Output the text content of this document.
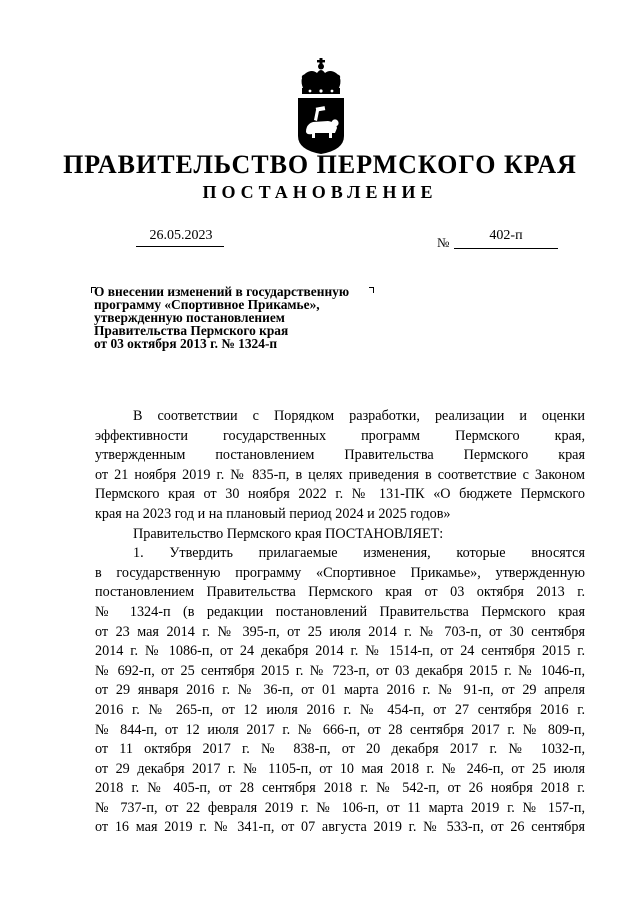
ПРАВИТЕЛЬСТВО ПЕРМСКОГО КРАЯ
ПОСТАНОВЛЕНИЕ
26.05.2023	№	402-п
О внесении изменений в государственную
программу «Спортивное Прикамье»,
утвержденную постановлением
Правительства Пермского края
от 03 октября 2013 г. № 1324-п

В соответствии с Порядком разработки, реализации и оценки

эффективности государственных программ Пермского края,

утвержденным постановлением Правительства Пермского края

от 21 ноября 2019 г. № 835-п, в целях приведения в соответствие с Законом

Пермского края от 30 ноября 2022 г. № 131-ПК «О бюджете Пермского

края на 2023 год и на плановый период 2024 и 2025 годов»

Правительство Пермского края ПОСТАНОВЛЯЕТ:

1. Утвердить прилагаемые изменения, которые вносятся

в государственную программу «Спортивное Прикамье», утвержденную

постановлением Правительства Пермского края от 03 октября 2013 г.

№ 1324-п (в редакции постановлений Правительства Пермского края

от 23 мая 2014 г. № 395-п, от 25 июля 2014 г. № 703-п, от 30 сентября

2014 г. № 1086-п, от 24 декабря 2014 г. № 1514-п, от 24 сентября 2015 г.

№ 692-п, от 25 сентября 2015 г. № 723-п, от 03 декабря 2015 г. № 1046-п,

от 29 января 2016 г. № 36-п, от 01 марта 2016 г. № 91-п, от 29 апреля

2016 г. № 265-п, от 12 июля 2016 г. № 454-п, от 27 сентября 2016 г.

№ 844-п, от 12 июля 2017 г. № 666-п, от 28 сентября 2017 г. № 809-п,

от 11 октября 2017 г. № 838-п, от 20 декабря 2017 г. № 1032-п,

от 29 декабря 2017 г. № 1105-п, от 10 мая 2018 г. № 246-п, от 25 июля

2018 г. № 405-п, от 28 сентября 2018 г. № 542-п, от 26 ноября 2018 г.

№ 737-п, от 22 февраля 2019 г. № 106-п, от 11 марта 2019 г. № 157-п,

от 16 мая 2019 г. № 341-п, от 07 августа 2019 г. № 533-п, от 26 сентября
